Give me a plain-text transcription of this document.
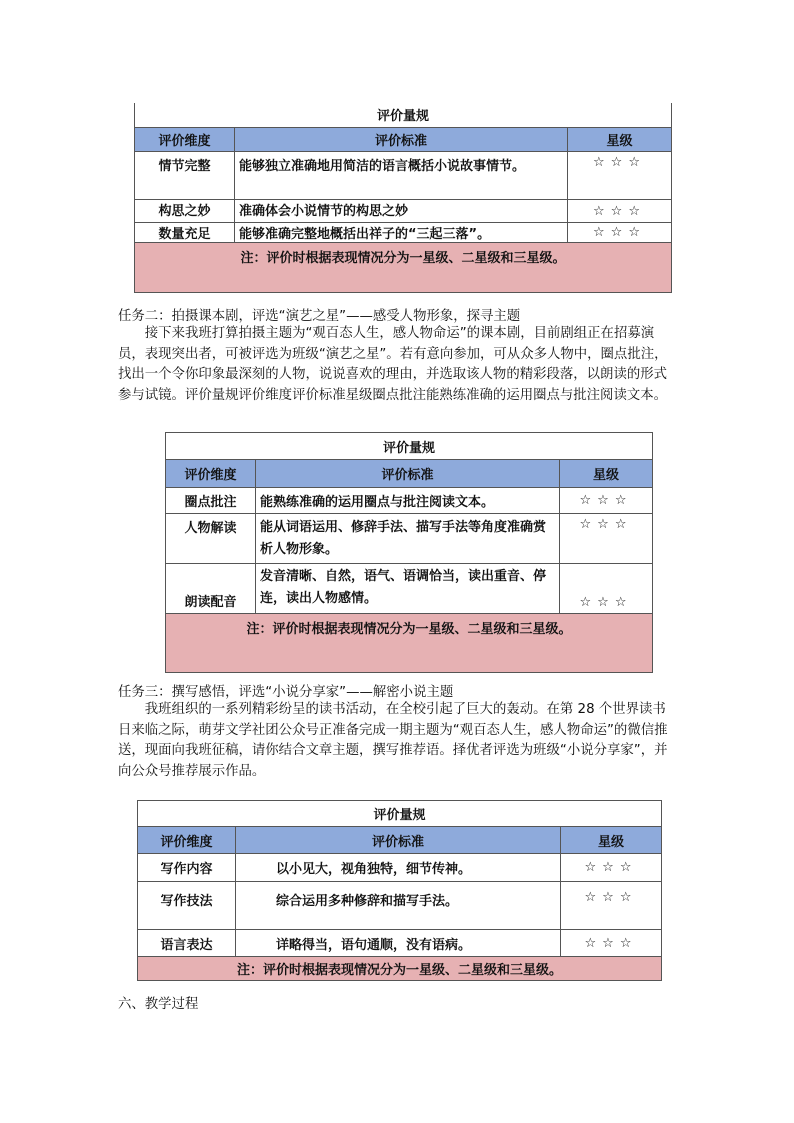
评价量规		
评价维度	评价标准	星级
情节完整	能够独立准确地用简洁的语言概括小说故事情节。	☆☆☆
构思之妙	准确体会小说情节的构思之妙	☆☆☆
数量充足	能够准确完整地概括出祥子的“三起三落”。	☆☆☆
注：评价时根据表现情况分为一星级、二星级和三星级。		
任务二：拍摄课本剧，评选“演艺之星”——感受人物形象，探寻主题
接下来我班打算拍摄主题为“观百态人生，感人物命运”的课本剧，目前剧组正在招募演员，表现突出者，可被评选为班级“演艺之星”。若有意向参加，可从众多人物中，圈点批注，找出一个令你印象最深刻的人物，说说喜欢的理由，并选取该人物的精彩段落，以朗读的形式参与试镜。评价量规评价维度评价标准星级圈点批注能熟练准确的运用圈点与批注阅读文本。
评价量规		
评价维度	评价标准	星级
圈点批注	能熟练准确的运用圈点与批注阅读文本。	☆☆☆
人物解读	能从词语运用、修辞手法、描写手法等角度准确赏析人物形象。	☆☆☆
朗读配音	发音清晰、自然，语气、语调恰当，读出重音、停连，读出人物感情。	☆☆☆
注：评价时根据表现情况分为一星级、二星级和三星级。		
任务三：撰写感悟，评选“小说分享家”——解密小说主题
我班组织的一系列精彩纷呈的读书活动，在全校引起了巨大的轰动。在第 28 个世界读书日来临之际，萌芽文学社团公众号正准备完成一期主题为“观百态人生，感人物命运”的微信推送，现面向我班征稿，请你结合文章主题，撰写推荐语。择优者评选为班级“小说分享家”，并向公众号推荐展示作品。
评价量规		
评价维度	评价标准	星级
写作内容	以小见大，视角独特，细节传神。	☆☆☆
写作技法	综合运用多种修辞和描写手法。	☆☆☆
语言表达	详略得当，语句通顺，没有语病。	☆☆☆
注：评价时根据表现情况分为一星级、二星级和三星级。		
六、教学过程
